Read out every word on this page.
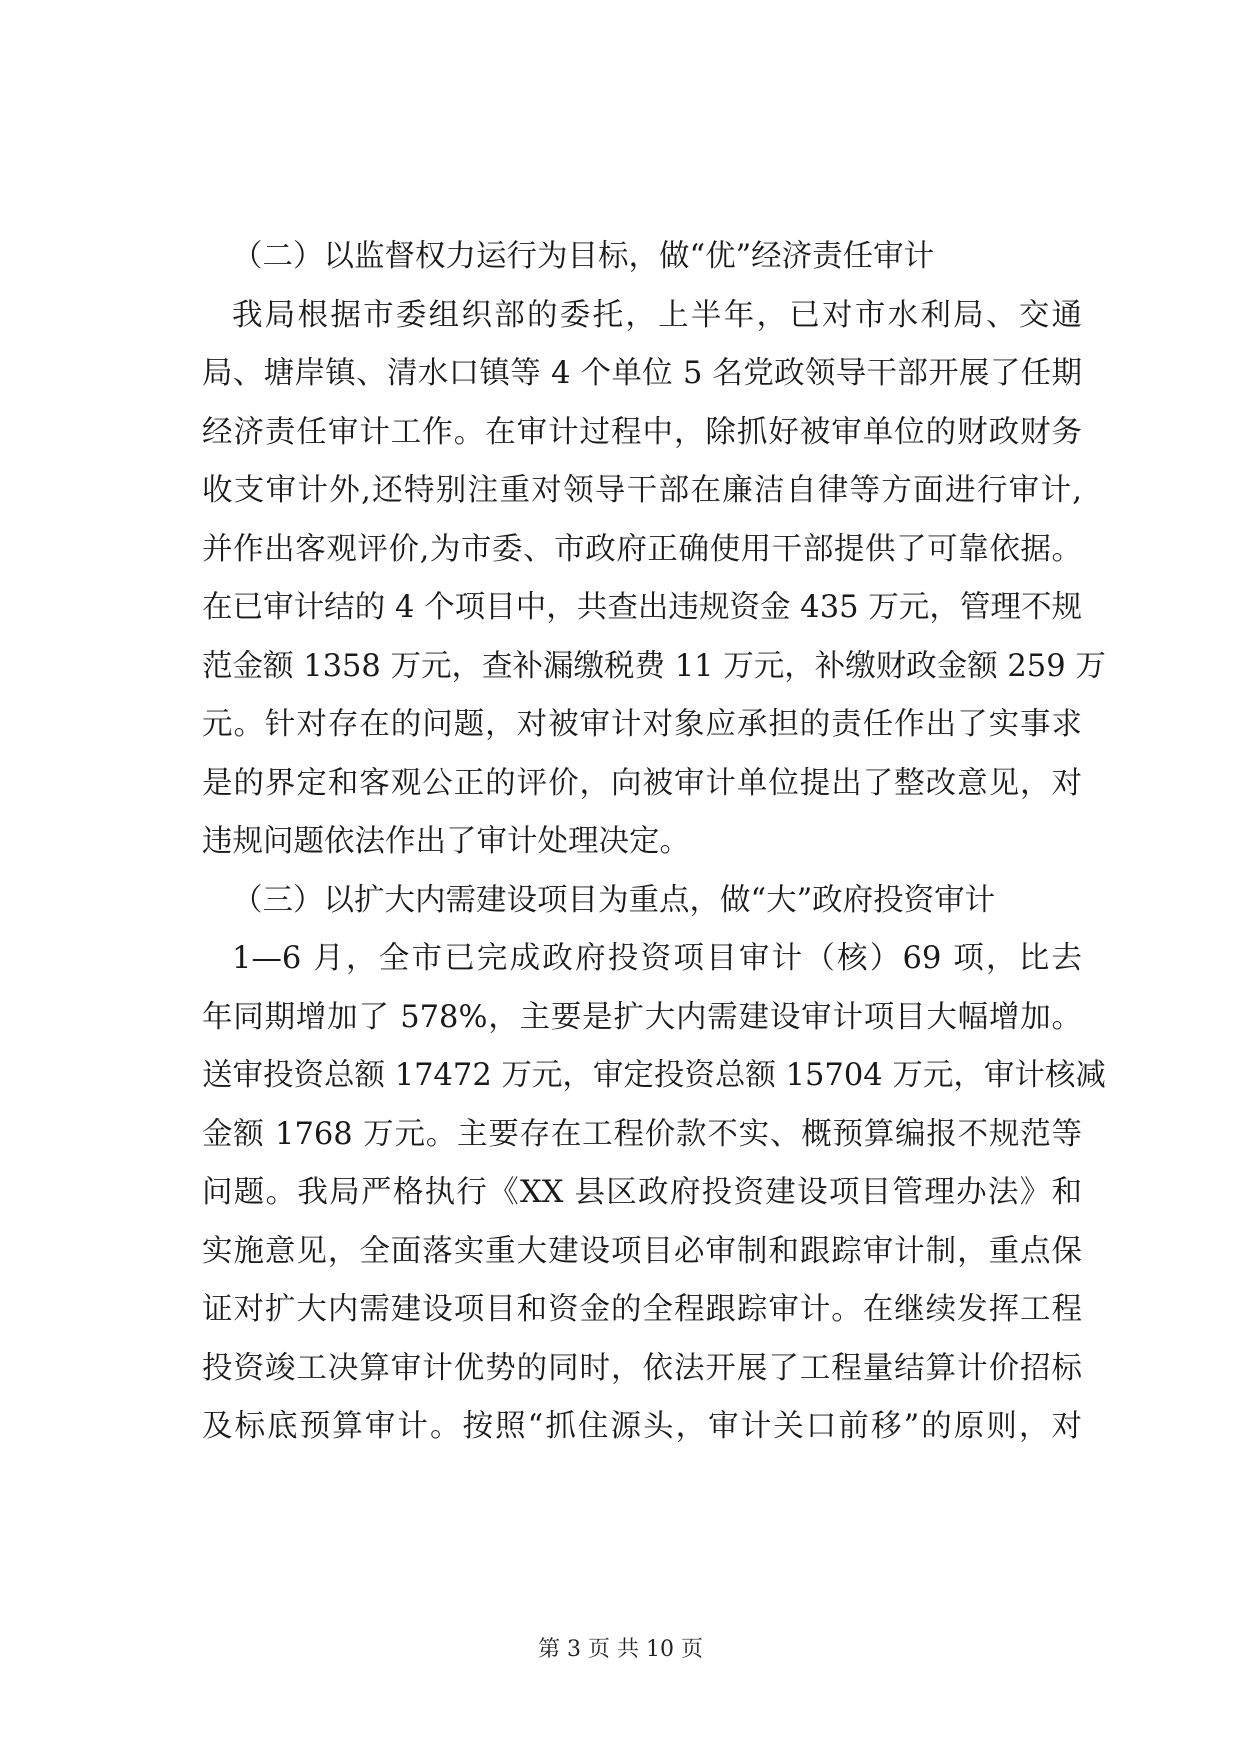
（二）以监督权力运行为目标，做“优”经济责任审计
我局根据市委组织部的委托，上半年，已对市水利局、交通
局、塘岸镇、清水口镇等 4 个单位 5 名党政领导干部开展了任期
经济责任审计工作。在审计过程中，除抓好被审单位的财政财务
收支审计外,还特别注重对领导干部在廉洁自律等方面进行审计,
并作出客观评价,为市委、市政府正确使用干部提供了可靠依据。
在已审计结的 4 个项目中，共查出违规资金 435 万元，管理不规
范金额 1358 万元，查补漏缴税费 11 万元，补缴财政金额 259 万
元。针对存在的问题，对被审计对象应承担的责任作出了实事求
是的界定和客观公正的评价，向被审计单位提出了整改意见，对
违规问题依法作出了审计处理决定。
（三）以扩大内需建设项目为重点，做“大”政府投资审计
1—6 月，全市已完成政府投资项目审计（核）69 项，比去
年同期增加了 578%，主要是扩大内需建设审计项目大幅增加。
送审投资总额 17472 万元，审定投资总额 15704 万元，审计核减
金额 1768 万元。主要存在工程价款不实、概预算编报不规范等
问题。我局严格执行《XX 县区政府投资建设项目管理办法》和
实施意见，全面落实重大建设项目必审制和跟踪审计制，重点保
证对扩大内需建设项目和资金的全程跟踪审计。在继续发挥工程
投资竣工决算审计优势的同时，依法开展了工程量结算计价招标
及标底预算审计。按照“抓住源头，审计关口前移”的原则，对
第 3 页 共 10 页
